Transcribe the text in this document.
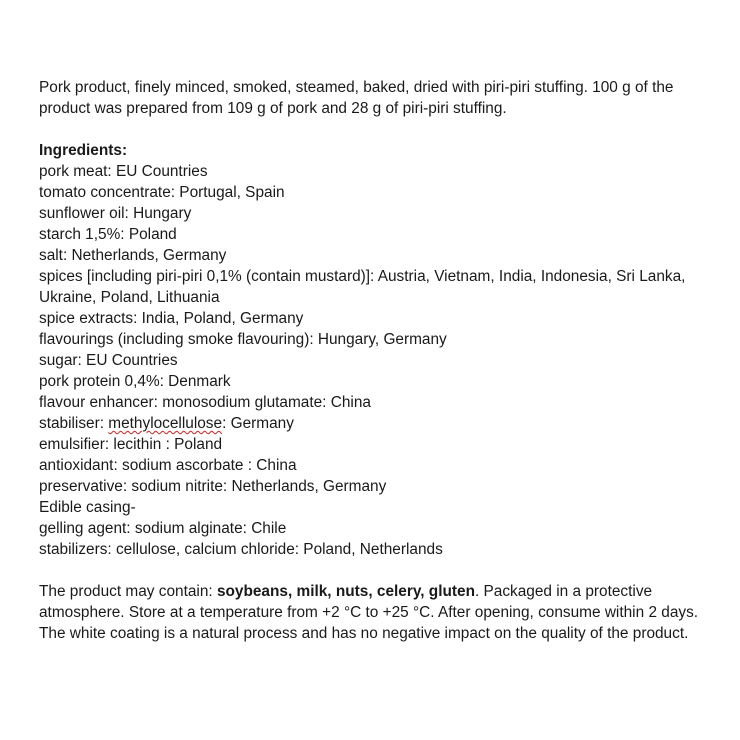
Pork product, finely minced, smoked, steamed, baked, dried with piri-piri stuffing. 100 g of the product was prepared from 109 g of pork and 28 g of piri-piri stuffing.

Ingredients:

pork meat: EU Countries
tomato concentrate: Portugal, Spain
sunflower oil: Hungary
starch 1,5%: Poland
salt: Netherlands, Germany
spices [including piri-piri 0,1% (contain mustard)]: Austria, Vietnam, India, Indonesia, Sri Lanka, Ukraine, Poland, Lithuania
spice extracts: India, Poland, Germany
flavourings (including smoke flavouring): Hungary, Germany
sugar: EU Countries
pork protein 0,4%: Denmark
flavour enhancer: monosodium glutamate: China
stabiliser: methylocellulose: Germany
emulsifier: lecithin : Poland
antioxidant: sodium ascorbate : China
preservative: sodium nitrite: Netherlands, Germany
Edible casing-
gelling agent: sodium alginate: Chile
stabilizers: cellulose, calcium chloride: Poland, Netherlands

The product may contain: soybeans, milk, nuts, celery, gluten. Packaged in a protective atmosphere. Store at a temperature from +2 °C to +25 °C. After opening, consume within 2 days. The white coating is a natural process and has no negative impact on the quality of the product.
